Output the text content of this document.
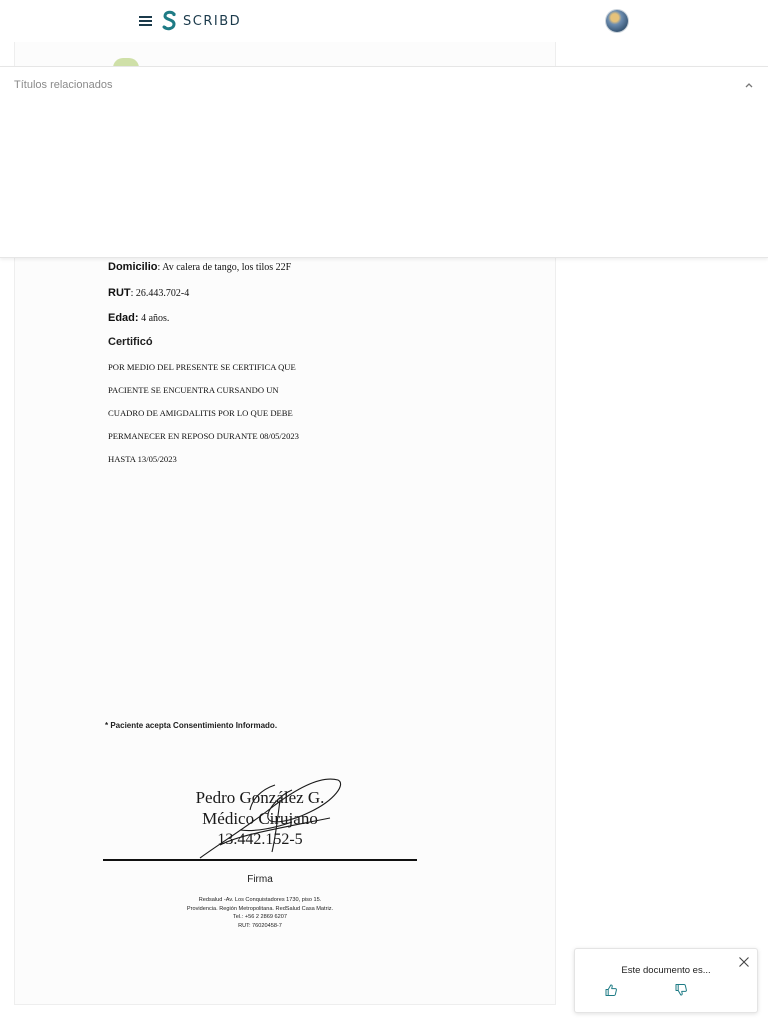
SCRIBD
Títulos relacionados
Domicilio: Av calera de tango, los tilos 22F
RUT: 26.443.702-4
Edad: 4 años.
Certificó

POR MEDIO DEL PRESENTE SE CERTIFICA QUE

PACIENTE SE ENCUENTRA CURSANDO UN

CUADRO DE AMIGDALITIS POR LO QUE DEBE

PERMANECER EN REPOSO DURANTE 08/05/2023

HASTA 13/05/2023

* Paciente acepta Consentimiento Informado.
Pedro González G.
Médico Cirujano
13.442.152-5
Firma
Redsalud -Av. Los Conquistadores 1730, piso 15.
Providencia. Región Metropolitana. RedSalud Casa Matriz.
Tel.: +56 2 2869 6207
RUT: 76020458-7
Este documento es...
